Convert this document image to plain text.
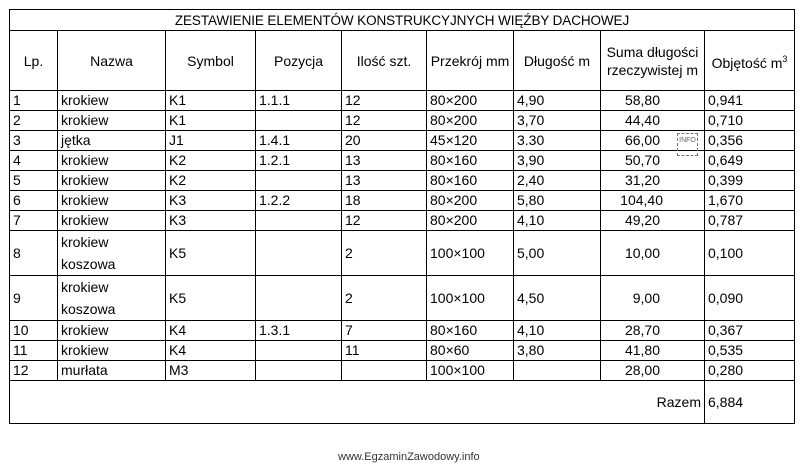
ZESTAWIENIE ELEMENTÓW KONSTRUKCYJNYCH WIĘŹBY DACHOWEJ								
Lp.	Nazwa	Symbol	Pozycja	Ilość szt.	Przekrój mm	Długość m	Suma długości rzeczywistej m	Objętość $m^3$
1	krokiew	K1	1.1.1	12	80×200	4,90	58,80	0,941
2	krokiew	K1		12	80×200	3,70	44,40	0,710
3	jętka	J1	1.4.1	20	45×120	3.30	66,00	0,356
4	krokiew	K2	1.2.1	13	80×160	3,90	50,70	0,649
5	krokiew	K2		13	80×160	2,40	31,20	0,399
6	krokiew	K3	1.2.2	18	80×200	5,80	104,40	1,670
7	krokiew	K3		12	80×200	4,10	49,20	0,787
8	krokiew koszowa	K5		2	100×100	5,00	10,00	0,100
9	krokiew koszowa	K5		2	100×100	4,50	9,00	0,090
10	krokiew	K4	1.3.1	7	80×160	4,10	28,70	0,367
11	krokiew	K4		11	80×60	3,80	41,80	0,535
12	murłata	M3			100×100		28,00	0,280
Razem								6,884
INFO
www.EgzaminZawodowy.info
